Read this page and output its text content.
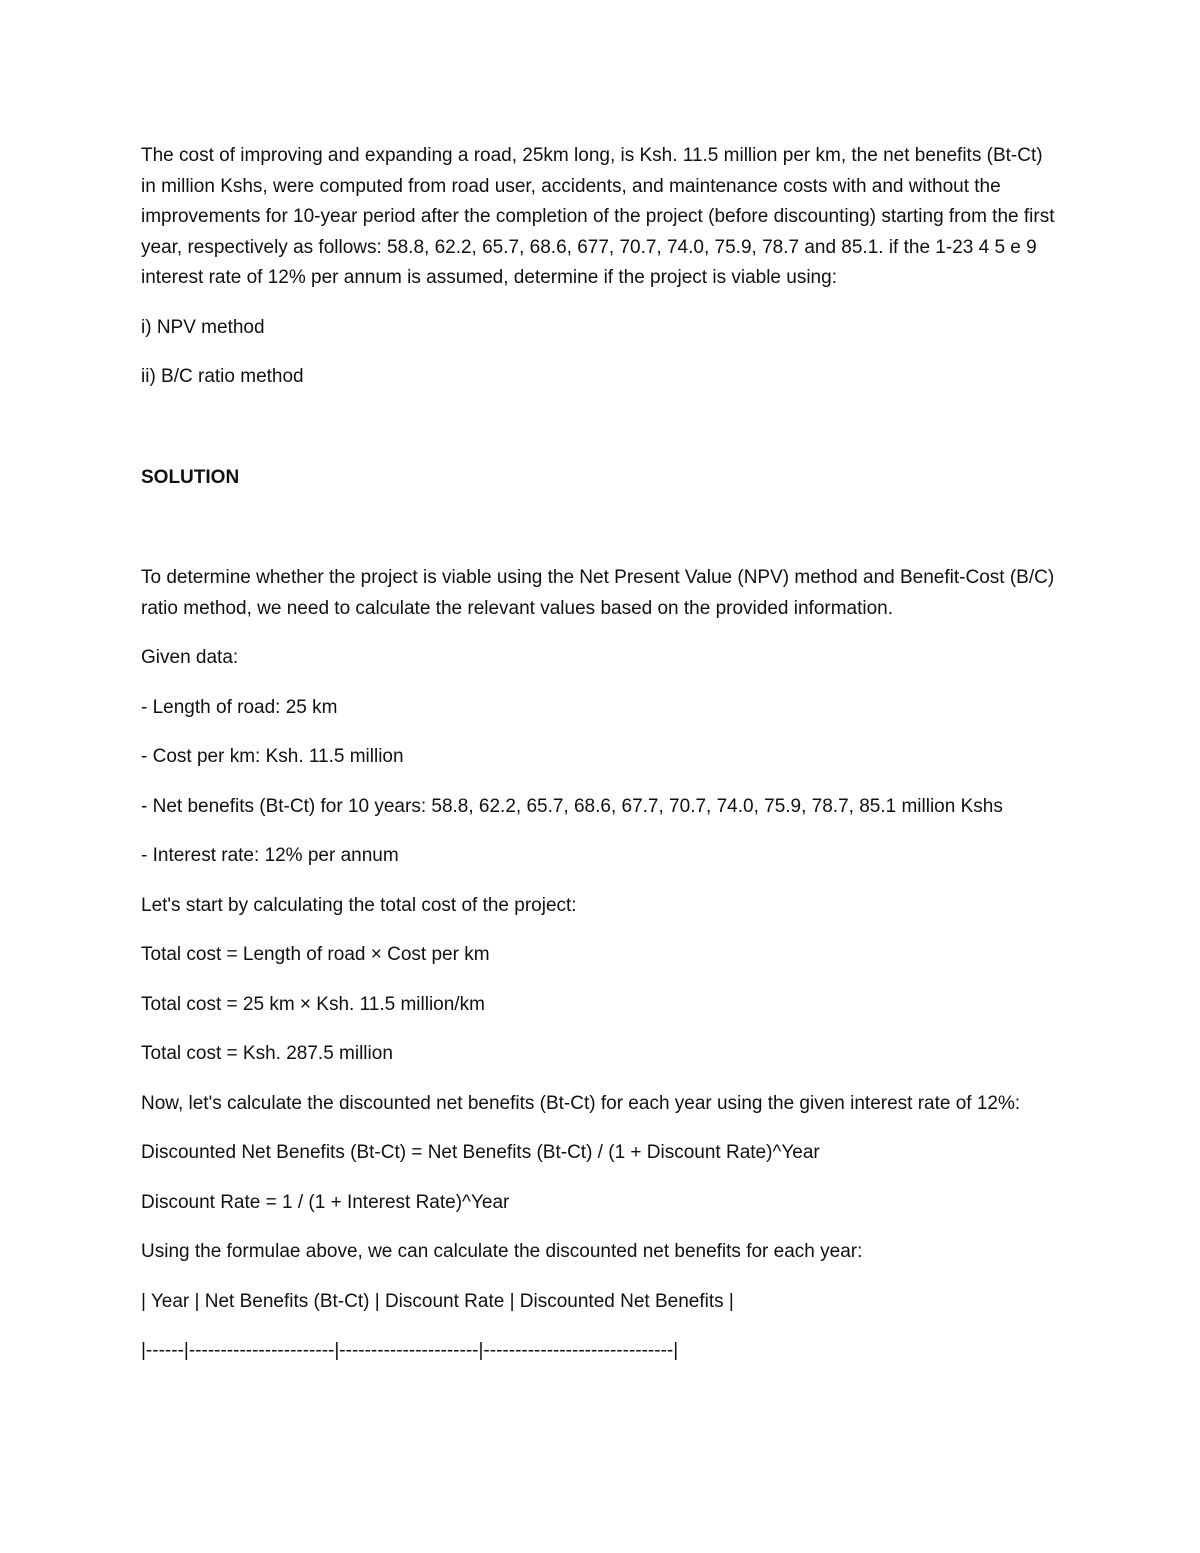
The cost of improving and expanding a road, 25km long, is Ksh. 11.5 million per km, the net benefits (Bt-Ct) in million Kshs, were computed from road user, accidents, and maintenance costs with and without the improvements for 10-year period after the completion of the project (before discounting) starting from the first year, respectively as follows: 58.8, 62.2, 65.7, 68.6, 677, 70.7, 74.0, 75.9, 78.7 and 85.1. if the 1-23 4 5 e 9 interest rate of 12% per annum is assumed, determine if the project is viable using:

i) NPV method

ii) B/C ratio method

SOLUTION

To determine whether the project is viable using the Net Present Value (NPV) method and Benefit-Cost (B/C) ratio method, we need to calculate the relevant values based on the provided information.

Given data:

- Length of road: 25 km

- Cost per km: Ksh. 11.5 million

- Net benefits (Bt-Ct) for 10 years: 58.8, 62.2, 65.7, 68.6, 67.7, 70.7, 74.0, 75.9, 78.7, 85.1 million Kshs

- Interest rate: 12% per annum

Let's start by calculating the total cost of the project:

Total cost = Length of road × Cost per km

Total cost = 25 km × Ksh. 11.5 million/km

Total cost = Ksh. 287.5 million

Now, let's calculate the discounted net benefits (Bt-Ct) for each year using the given interest rate of 12%:

Discounted Net Benefits (Bt-Ct) = Net Benefits (Bt-Ct) / (1 + Discount Rate)^Year

Discount Rate = 1 / (1 + Interest Rate)^Year

Using the formulae above, we can calculate the discounted net benefits for each year:

| Year | Net Benefits (Bt-Ct) | Discount Rate | Discounted Net Benefits |

|------|-----------------------|----------------------|------------------------------|
